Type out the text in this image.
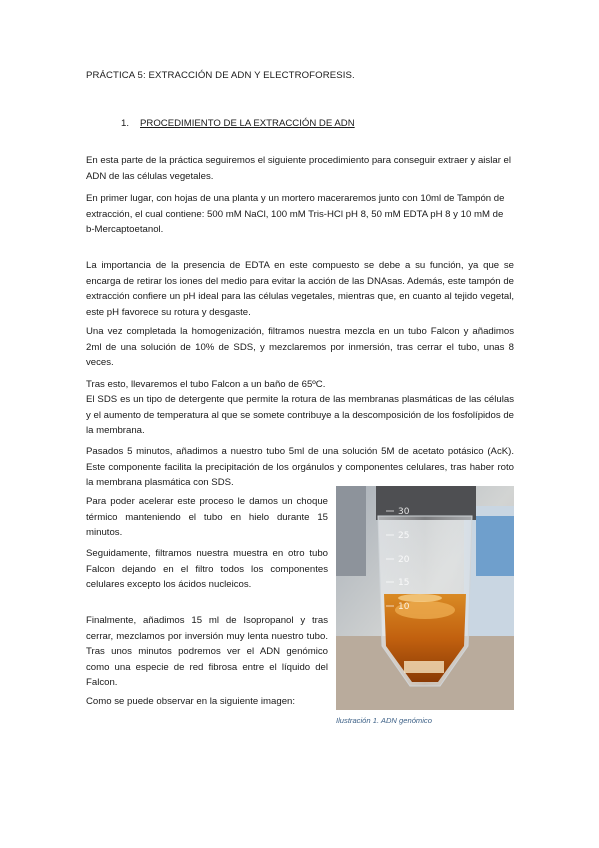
PRÁCTICA 5: EXTRACCIÓN DE ADN Y ELECTROFORESIS.
1. PROCEDIMIENTO DE LA EXTRACCIÓN DE ADN

En esta parte de la práctica seguiremos el siguiente procedimiento para conseguir extraer y aislar el ADN de las células vegetales.

En primer lugar, con hojas de una planta y un mortero maceraremos junto con 10ml de Tampón de extracción, el cual contiene: 500 mM NaCl, 100 mM Tris-HCl pH 8, 50 mM EDTA pH 8 y 10 mM de b-Mercaptoetanol.

La importancia de la presencia de EDTA en este compuesto se debe a su función, ya que se encarga de retirar los iones del medio para evitar la acción de las DNAsas. Además, este tampón de extracción confiere un pH ideal para las células vegetales, mientras que, en cuanto al tejido vegetal, este pH favorece su rotura y desgaste.

Una vez completada la homogenización, filtramos nuestra mezcla en un tubo Falcon y añadimos 2ml de una solución de 10% de SDS, y mezclaremos por inmersión, tras cerrar el tubo, unas 8 veces.

Tras esto, llevaremos el tubo Falcon a un baño de 65ºC.

El SDS es un tipo de detergente que permite la rotura de las membranas plasmáticas de las células y el aumento de temperatura al que se somete contribuye a la descomposición de los fosfolípidos de la membrana.

Pasados 5 minutos, añadimos a nuestro tubo 5ml de una solución 5M de acetato potásico (AcK). Este componente facilita la precipitación de los orgánulos y componentes celulares, tras haber roto la membrana plasmática con SDS.

Para poder acelerar este proceso le damos un choque térmico manteniendo el tubo en hielo durante 15 minutos.

Seguidamente, filtramos nuestra muestra en otro tubo Falcon dejando en el filtro todos los componentes celulares excepto los ácidos nucleicos.

Finalmente, añadimos 15 ml de Isopropanol y tras cerrar, mezclamos por inversión muy lenta nuestro tubo. Tras unos minutos podremos ver el ADN genómico como una especie de red fibrosa entre el líquido del Falcon.

Como se puede observar en la siguiente imagen:

30
25
20
15
10
Ilustración 1. ADN genómico
